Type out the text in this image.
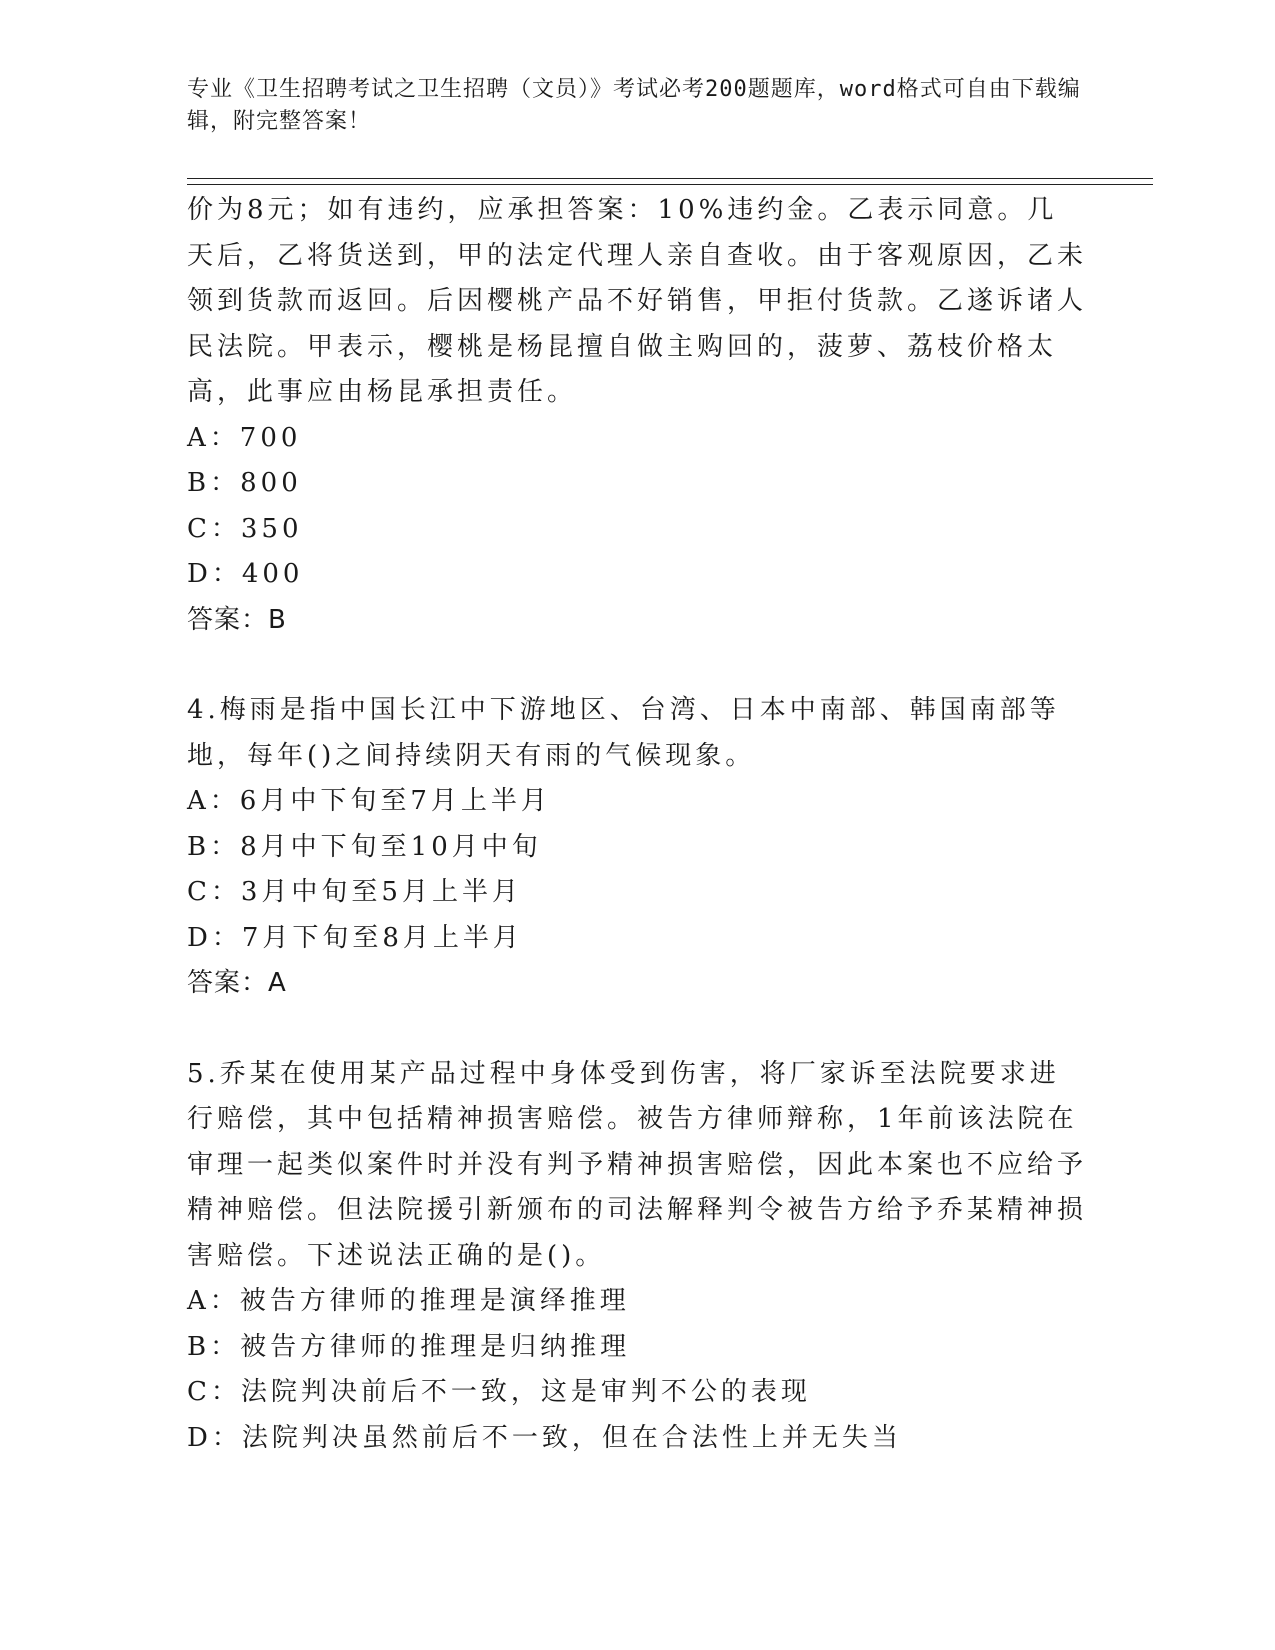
专业《卫生招聘考试之卫生招聘（文员）》考试必考200题题库，word格式可自由下载编辑，附完整答案！
价为8元；如有违约，应承担答案：10%违约金。乙表示同意。几天后，乙将货送到，甲的法定代理人亲自查收。由于客观原因，乙未领到货款而返回。后因樱桃产品不好销售，甲拒付货款。乙遂诉诸人民法院。甲表示，樱桃是杨昆擅自做主购回的，菠萝、荔枝价格太高，此事应由杨昆承担责任。
A：700
B：800
C：350
D：400
答案：B
4.梅雨是指中国长江中下游地区、台湾、日本中南部、韩国南部等地，每年()之间持续阴天有雨的气候现象。
A：6月中下旬至7月上半月
B：8月中下旬至10月中旬
C：3月中旬至5月上半月
D：7月下旬至8月上半月
答案：A
5.乔某在使用某产品过程中身体受到伤害，将厂家诉至法院要求进行赔偿，其中包括精神损害赔偿。被告方律师辩称，1年前该法院在审理一起类似案件时并没有判予精神损害赔偿，因此本案也不应给予精神赔偿。但法院援引新颁布的司法解释判令被告方给予乔某精神损害赔偿。下述说法正确的是()。
A：被告方律师的推理是演绎推理
B：被告方律师的推理是归纳推理
C：法院判决前后不一致，这是审判不公的表现
D：法院判决虽然前后不一致，但在合法性上并无失当
